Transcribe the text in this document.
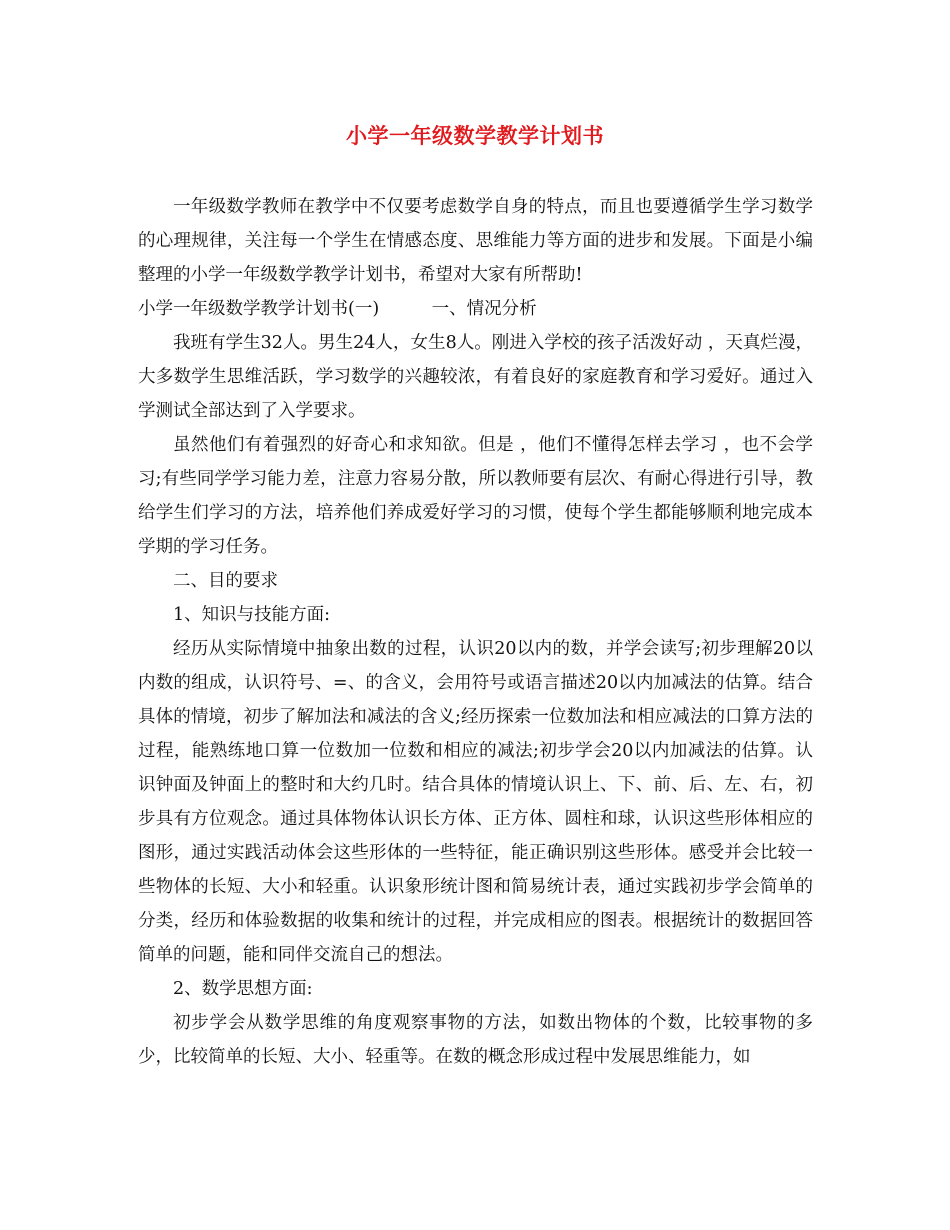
小学一年级数学教学计划书

一年级数学教师在教学中不仅要考虑数学自身的特点，而且也要遵循学生学习数学的心理规律，关注每一个学生在情感态度、思维能力等方面的进步和发展。下面是小编整理的小学一年级数学教学计划书，希望对大家有所帮助!

小学一年级数学教学计划书(一)　　　一、情况分析

我班有学生32人。男生24人，女生8人。刚进入学校的孩子活泼好动 ，天真烂漫，大多数学生思维活跃，学习数学的兴趣较浓，有着良好的家庭教育和学习爱好。通过入学测试全部达到了入学要求。

虽然他们有着强烈的好奇心和求知欲。但是 ，他们不懂得怎样去学习 ，也不会学习;有些同学学习能力差，注意力容易分散，所以教师要有层次、有耐心得进行引导，教给学生们学习的方法，培养他们养成爱好学习的习惯，使每个学生都能够顺利地完成本学期的学习任务。

二、目的要求

1、知识与技能方面:

经历从实际情境中抽象出数的过程，认识20以内的数，并学会读写;初步理解20以内数的组成，认识符号、=、的含义，会用符号或语言描述20以内加减法的估算。结合具体的情境，初步了解加法和减法的含义;经历探索一位数加法和相应减法的口算方法的过程，能熟练地口算一位数加一位数和相应的减法;初步学会20以内加减法的估算。认识钟面及钟面上的整时和大约几时。结合具体的情境认识上、下、前、后、左、右，初步具有方位观念。通过具体物体认识长方体、正方体、圆柱和球，认识这些形体相应的图形，通过实践活动体会这些形体的一些特征，能正确识别这些形体。感受并会比较一些物体的长短、大小和轻重。认识象形统计图和简易统计表，通过实践初步学会简单的分类，经历和体验数据的收集和统计的过程，并完成相应的图表。根据统计的数据回答简单的问题，能和同伴交流自己的想法。

2、数学思想方面:

初步学会从数学思维的角度观察事物的方法，如数出物体的个数，比较事物的多少，比较简单的长短、大小、轻重等。在数的概念形成过程中发展思维能力，如
